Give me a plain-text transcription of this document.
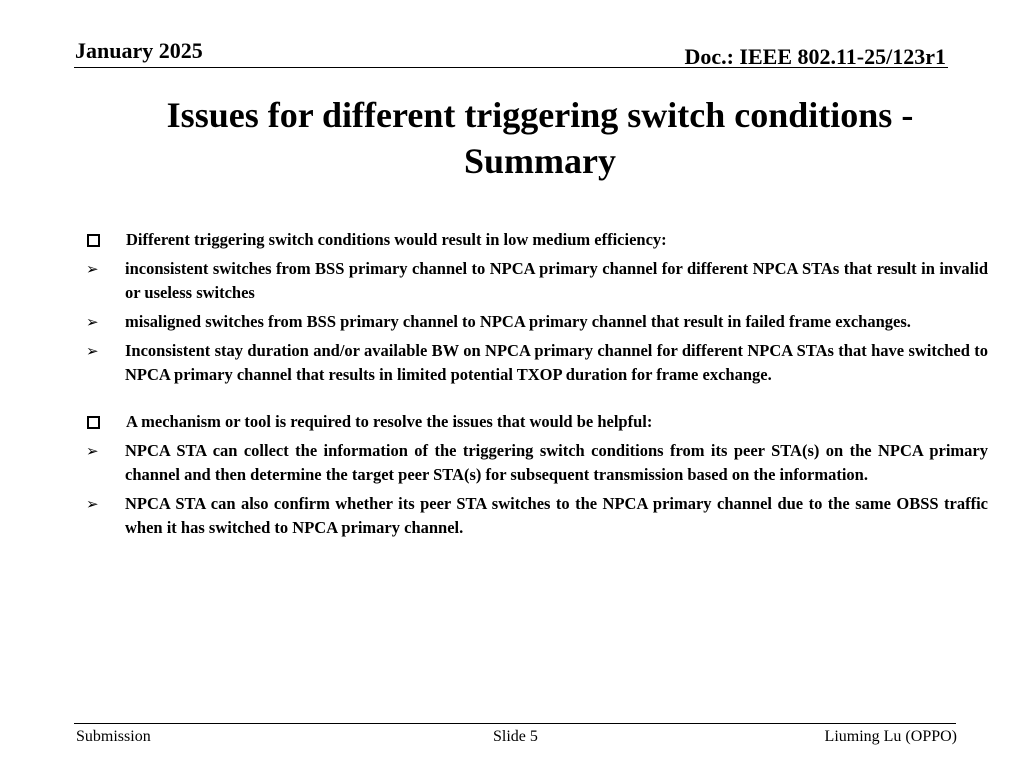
January 2025	Doc.: IEEE 802.11-25/123r1
Issues for different triggering switch conditions -
Summary
Different triggering switch conditions would result in low medium efficiency:
➢	inconsistent switches from BSS primary channel to NPCA primary channel for different NPCA STAs that result in invalid or useless switches
➢	misaligned switches from BSS primary channel to NPCA primary channel that result in failed frame exchanges.
➢	Inconsistent stay duration and/or available BW on NPCA primary channel for different NPCA STAs that have switched to NPCA primary channel that results in limited potential TXOP duration for frame exchange.
A mechanism or tool is required to resolve the issues that would be helpful:
➢	NPCA STA can collect the information of the triggering switch conditions from its peer STA(s) on the NPCA primary channel and then determine the target peer STA(s) for subsequent transmission based on the information.
➢	NPCA STA can also confirm whether its peer STA switches to the NPCA primary channel due to the same OBSS traffic when it has switched to NPCA primary channel.
Submission	Slide 5	Liuming Lu (OPPO)
